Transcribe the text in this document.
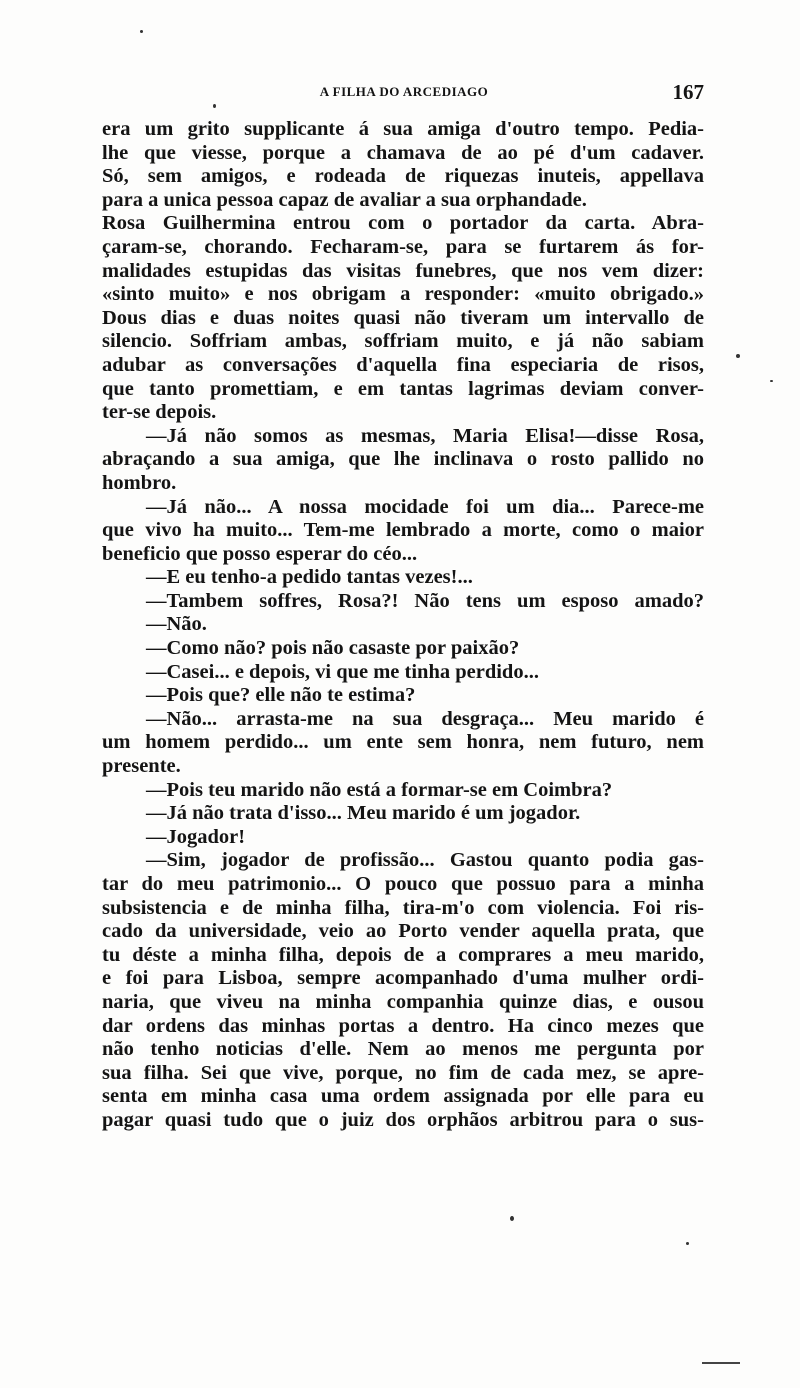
A FILHA DO ARCEDIAGO	167
era um grito supplicante á sua amiga d'outro tempo. Pedia-
lhe que viesse, porque a chamava de ao pé d'um cadaver.
Só, sem amigos, e rodeada de riquezas inuteis, appellava
para a unica pessoa capaz de avaliar a sua orphandade.
Rosa Guilhermina entrou com o portador da carta. Abra-
çaram-se, chorando. Fecharam-se, para se furtarem ás for-
malidades estupidas das visitas funebres, que nos vem dizer:
«sinto muito» e nos obrigam a responder: «muito obrigado.»
Dous dias e duas noites quasi não tiveram um intervallo de
silencio. Soffriam ambas, soffriam muito, e já não sabiam
adubar as conversações d'aquella fina especiaria de risos,
que tanto promettiam, e em tantas lagrimas deviam conver-
ter-se depois.
—Já não somos as mesmas, Maria Elisa!—disse Rosa,
abraçando a sua amiga, que lhe inclinava o rosto pallido no
hombro.
—Já não... A nossa mocidade foi um dia... Parece-me
que vivo ha muito... Tem-me lembrado a morte, como o maior
beneficio que posso esperar do céo...
—E eu tenho-a pedido tantas vezes!...
—Tambem soffres, Rosa?! Não tens um esposo amado?
—Não.
—Como não? pois não casaste por paixão?
—Casei... e depois, vi que me tinha perdido...
—Pois que? elle não te estima?
—Não... arrasta-me na sua desgraça... Meu marido é
um homem perdido... um ente sem honra, nem futuro, nem
presente.
—Pois teu marido não está a formar-se em Coimbra?
—Já não trata d'isso... Meu marido é um jogador.
—Jogador!
—Sim, jogador de profissão... Gastou quanto podia gas-
tar do meu patrimonio... O pouco que possuo para a minha
subsistencia e de minha filha, tira-m'o com violencia. Foi ris-
cado da universidade, veio ao Porto vender aquella prata, que
tu déste a minha filha, depois de a comprares a meu marido,
e foi para Lisboa, sempre acompanhado d'uma mulher ordi-
naria, que viveu na minha companhia quinze dias, e ousou
dar ordens das minhas portas a dentro. Ha cinco mezes que
não tenho noticias d'elle. Nem ao menos me pergunta por
sua filha. Sei que vive, porque, no fim de cada mez, se apre-
senta em minha casa uma ordem assignada por elle para eu
pagar quasi tudo que o juiz dos orphãos arbitrou para o sus-
